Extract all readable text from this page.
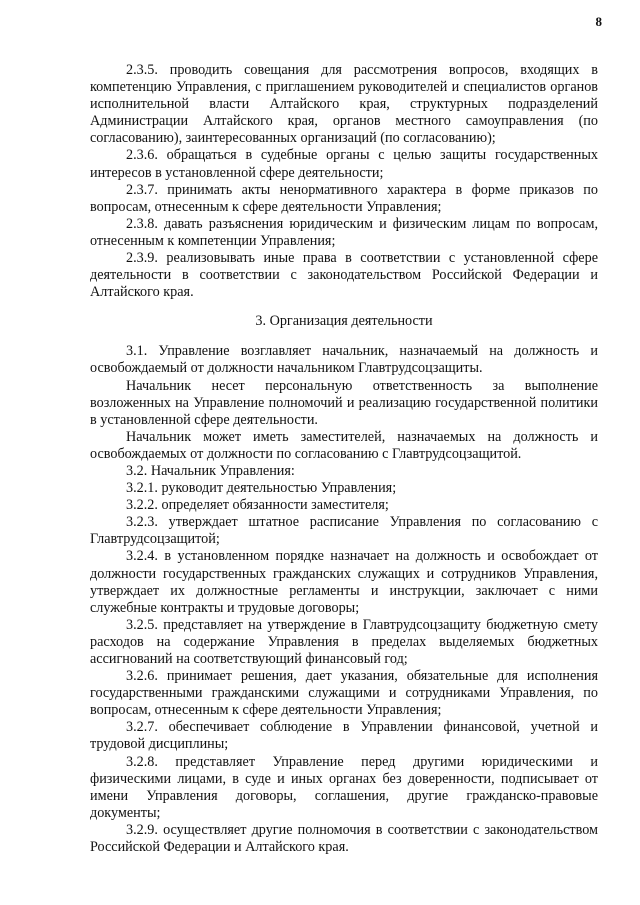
8

2.3.5. проводить совещания для рассмотрения вопросов, входящих в компетенцию Управления, с приглашением руководителей и специалистов органов исполнительной власти Алтайского края, структурных подразделений Администрации Алтайского края, органов местного самоуправления (по согласованию), заинтересованных организаций (по согласованию);

2.3.6. обращаться в судебные органы с целью защиты государственных интересов в установленной сфере деятельности;

2.3.7. принимать акты ненормативного характера в форме приказов по вопросам, отнесенным к сфере деятельности Управления;

2.3.8. давать разъяснения юридическим и физическим лицам по вопросам, отнесенным к компетенции Управления;

2.3.9. реализовывать иные права в соответствии с установленной сфере деятельности в соответствии с законодательством Российской Федерации и Алтайского края.

3. Организация деятельности

3.1. Управление возглавляет начальник, назначаемый на должность и освобождаемый от должности начальником Главтрудсоцзащиты.

Начальник несет персональную ответственность за выполнение возложенных на Управление полномочий и реализацию государственной политики в установленной сфере деятельности.

Начальник может иметь заместителей, назначаемых на должность и освобождаемых от должности по согласованию с Главтрудсоцзащитой.

3.2. Начальник Управления:

3.2.1. руководит деятельностью Управления;

3.2.2. определяет обязанности заместителя;

3.2.3. утверждает штатное расписание Управления по согласованию с Главтрудсоцзащитой;

3.2.4. в установленном порядке назначает на должность и освобождает от должности государственных гражданских служащих и сотрудников Управления, утверждает их должностные регламенты и инструкции, заключает с ними служебные контракты и трудовые договоры;

3.2.5. представляет на утверждение в Главтрудсоцзащиту бюджетную смету расходов на содержание Управления в пределах выделяемых бюджетных ассигнований на соответствующий финансовый год;

3.2.6. принимает решения, дает указания, обязательные для исполнения государственными гражданскими служащими и сотрудниками Управления, по вопросам, отнесенным к сфере деятельности Управления;

3.2.7. обеспечивает соблюдение в Управлении финансовой, учетной и трудовой дисциплины;

3.2.8. представляет Управление перед другими юридическими и физическими лицами, в суде и иных органах без доверенности, подписывает от имени Управления договоры, соглашения, другие гражданско-правовые документы;

3.2.9. осуществляет другие полномочия в соответствии с законодательством Российской Федерации и Алтайского края.
